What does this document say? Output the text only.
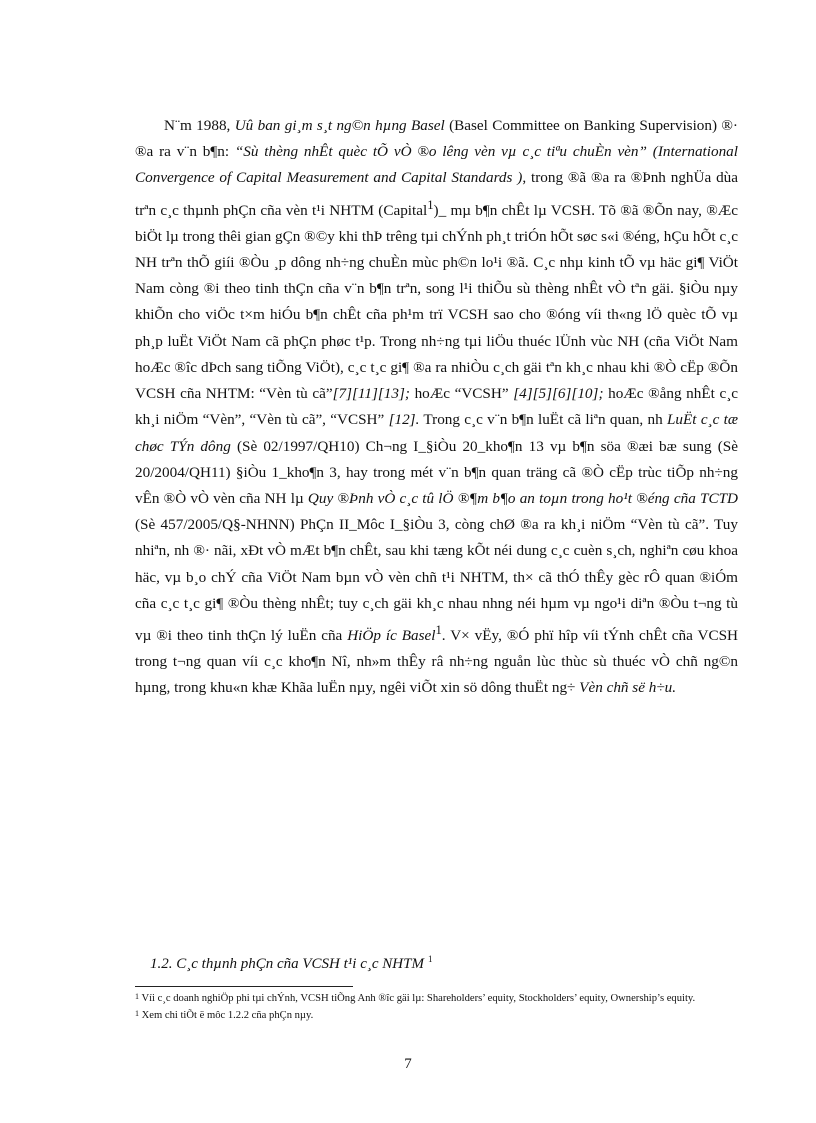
N¨m 1988, Uû ban gi¸m s¸t ng©n hµng Basel (Basel Committee on Banking Supervision) ®· ®a ra v¨n b¶n: “Sù thèng nhÊt quèc tÕ vÒ ®o lêng vèn vµ c¸c tiªu chuÈn vèn” (International Convergence of Capital Measurement and Capital Standards ), trong ®ã ®a ra ®Þnh nghÜa dùa trªn c¸c thµnh phÇn cña vèn t¹i NHTM (Capital$^1$)_ mµ b¶n chÊt lµ VCSH. Tõ ®ã ®Õn nay, ®Æc biÖt lµ trong thêi gian gÇn ®©y khi thÞ trêng tµi chÝnh ph¸t triÓn hÕt søc s«i ®éng, hÇu hÕt c¸c NH trªn thÕ giíi ®Òu ¸p dông nh÷ng chuÈn mùc ph©n lo¹i ®ã. C¸c nhµ kinh tÕ vµ häc gi¶ ViÖt Nam còng ®i theo tinh thÇn cña v¨n b¶n trªn, song l¹i thiÕu sù thèng nhÊt vÒ tªn gäi. §iÒu nµy khiÕn cho viÖc t×m hiÓu b¶n chÊt cña ph¹m trï VCSH sao cho ®óng víi th«ng lÖ quèc tÕ vµ ph¸p luËt ViÖt Nam cã phÇn phøc t¹p. Trong nh÷ng tµi liÖu thuéc lÜnh vùc NH (cña ViÖt Nam hoÆc ®îc dÞch sang tiÕng ViÖt), c¸c t¸c gi¶ ®a ra nhiÒu c¸ch gäi tªn kh¸c nhau khi ®Ò cËp ®Õn VCSH cña NHTM: “Vèn tù cã”[7][11][13]; hoÆc “VCSH” [4][5][6][10]; hoÆc ®ång nhÊt c¸c kh¸i niÖm “Vèn”, “Vèn tù cã”, “VCSH” [12]. Trong c¸c v¨n b¶n luËt cã liªn quan, nh LuËt c¸c tæ chøc TÝn dông (Sè 02/1997/QH10) Ch¬ng I_§iÒu 20_kho¶n 13 vµ b¶n söa ®æi bæ sung (Sè 20/2004/QH11) §iÒu 1_kho¶n 3, hay trong mét v¨n b¶n quan träng cã ®Ò cËp trùc tiÕp nh÷ng vÊn ®Ò vÒ vèn cña NH lµ Quy ®Þnh vÒ c¸c tû lÖ ®¶m b¶o an toµn trong ho¹t ®éng cña TCTD (Sè 457/2005/Q§-NHNN) PhÇn II_Môc I_§iÒu 3, còng chØ ®a ra kh¸i niÖm “Vèn tù cã”. Tuy nhiªn, nh ®· nãi, xÐt vÒ mÆt b¶n chÊt, sau khi tæng kÕt néi dung c¸c cuèn s¸ch, nghiªn cøu khoa häc, vµ b¸o chÝ cña ViÖt Nam bµn vÒ vèn chñ t¹i NHTM, th× cã thÓ thÊy gèc rÔ quan ®iÓm cña c¸c t¸c gi¶ ®Òu thèng nhÊt; tuy c¸ch gäi kh¸c nhau nhng néi hµm vµ ngo¹i diªn ®Òu t¬ng tù vµ ®i theo tinh thÇn lý luËn cña HiÖp íc Basel$^1$. V× vËy, ®Ó phï hîp víi tÝnh chÊt cña VCSH trong t¬ng quan víi c¸c kho¶n Nî, nh»m thÊy râ nh÷ng nguån lùc thùc sù thuéc vÒ chñ ng©n hµng, trong khu«n khæ Khãa luËn nµy, ngêi viÕt xin sö dông thuËt ng÷ Vèn chñ së h÷u.

1.2. C¸c thµnh phÇn cña VCSH t¹i c¸c NHTM $^1$
$^1$ Víi c¸c doanh nghiÖp phi tµi chÝnh, VCSH tiÕng Anh ®îc gäi lµ: Shareholders’ equity, Stockholders’ equity, Ownership’s equity.
$^1$ Xem chi tiÕt ë môc 1.2.2 cña phÇn nµy.
7
